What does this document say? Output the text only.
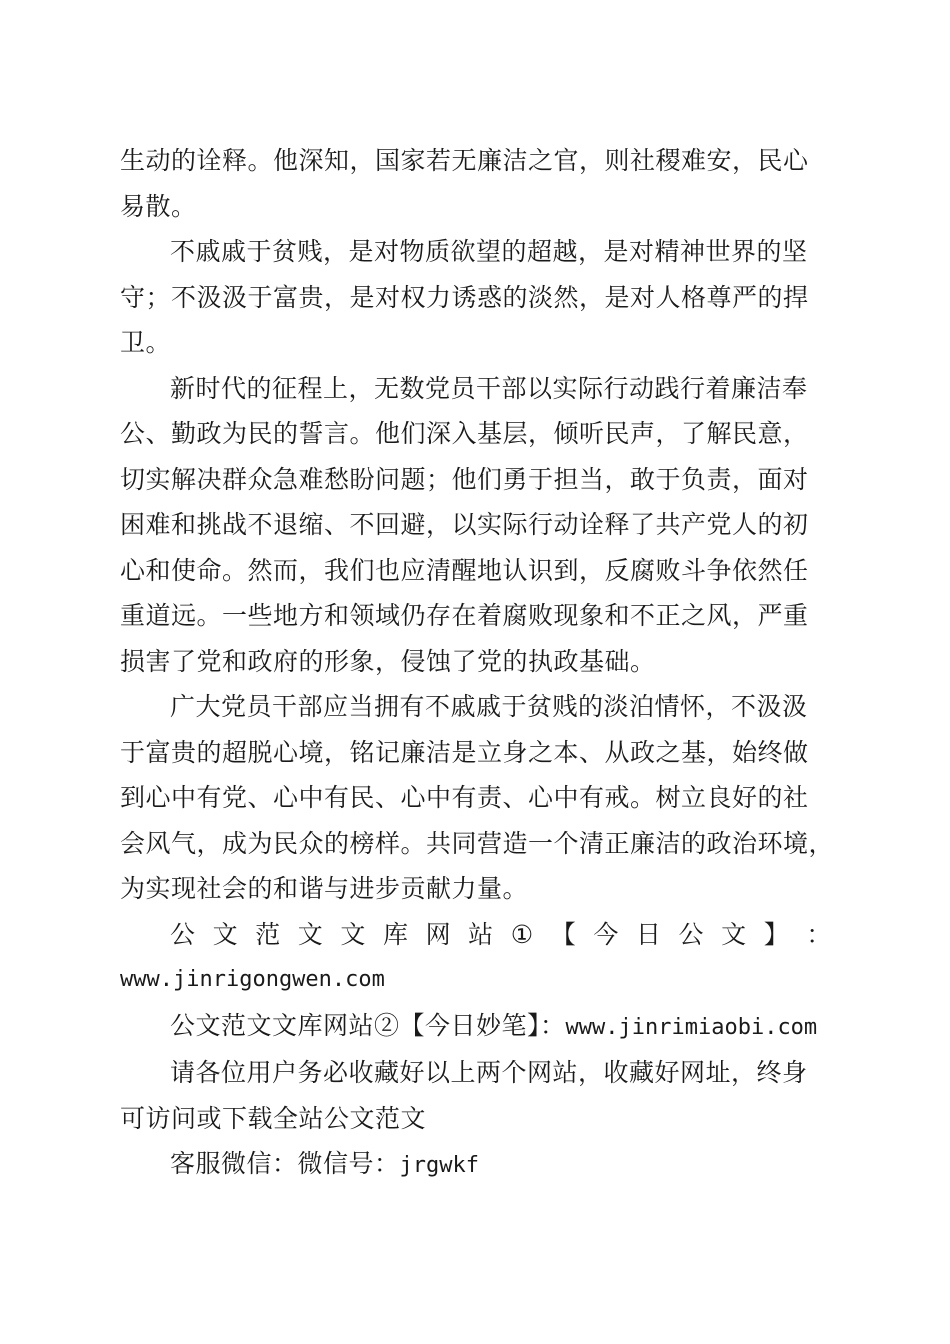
生动的诠释。他深知，国家若无廉洁之官，则社稷难安，民心
易散。

不戚戚于贫贱，是对物质欲望的超越，是对精神世界的坚
守；不汲汲于富贵，是对权力诱惑的淡然，是对人格尊严的捍
卫。

新时代的征程上，无数党员干部以实际行动践行着廉洁奉
公、勤政为民的誓言。他们深入基层，倾听民声，了解民意，
切实解决群众急难愁盼问题；他们勇于担当，敢于负责，面对
困难和挑战不退缩、不回避，以实际行动诠释了共产党人的初
心和使命。然而，我们也应清醒地认识到，反腐败斗争依然任
重道远。一些地方和领域仍存在着腐败现象和不正之风，严重
损害了党和政府的形象，侵蚀了党的执政基础。

广大党员干部应当拥有不戚戚于贫贱的淡泊情怀，不汲汲
于富贵的超脱心境，铭记廉洁是立身之本、从政之基，始终做
到心中有党、心中有民、心中有责、心中有戒。树立良好的社
会风气，成为民众的榜样。共同营造一个清正廉洁的政治环境，
为实现社会的和谐与进步贡献力量。

公 文 范 文 文 库 网 站 ① 【 今 日 公 文 】 ：
www.jinrigongwen.com
公文范文文库网站②【今日妙笔】：www.jinrimiaobi.com

请各位用户务必收藏好以上两个网站，收藏好网址，终身
可访问或下载全站公文范文

客服微信：微信号：jrgwkf
